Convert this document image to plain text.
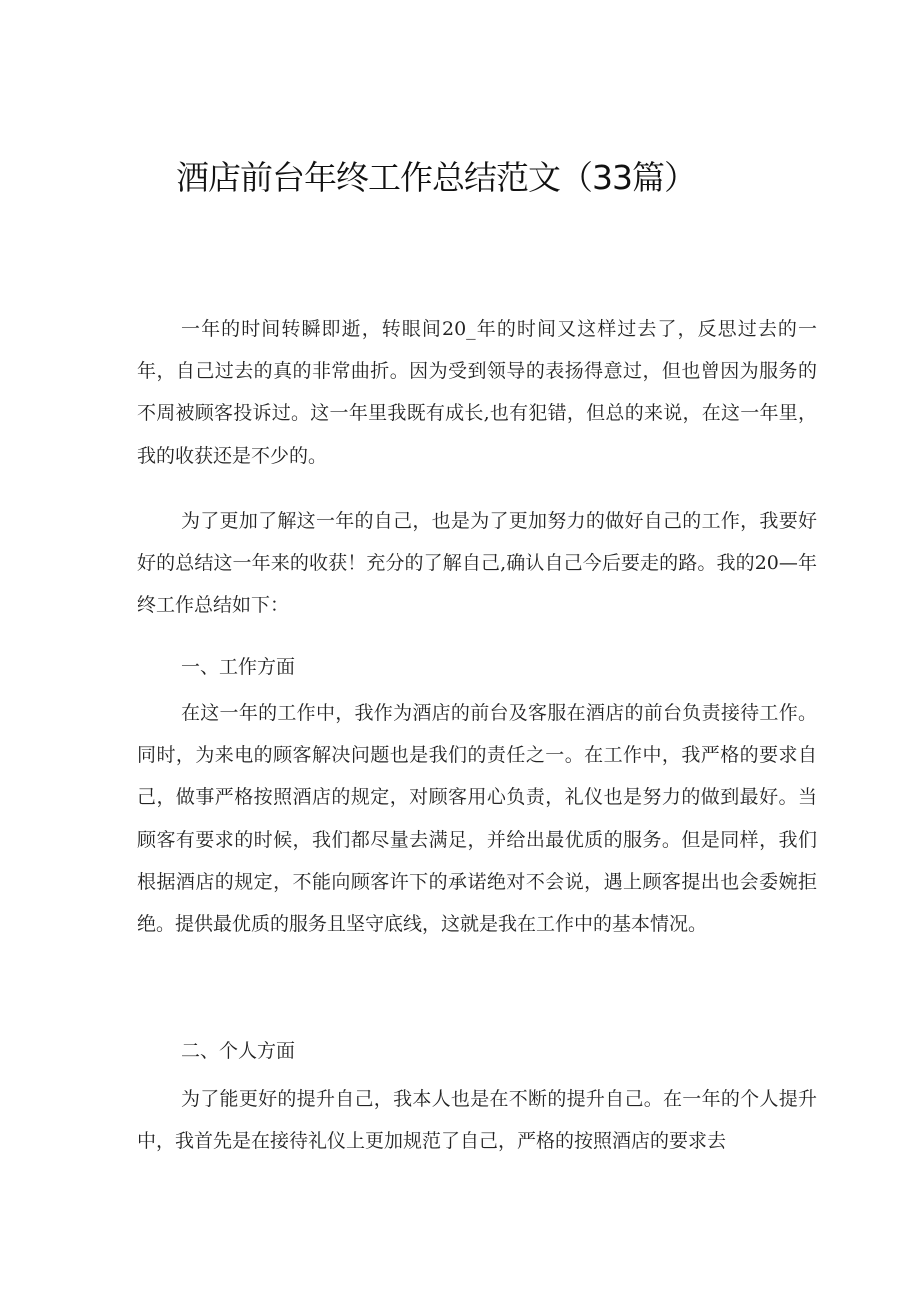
酒店前台年终工作总结范文（33篇）

一年的时间转瞬即逝，转眼间20_年的时间又这样过去了，反思过去的一年，自己过去的真的非常曲折。因为受到领导的表扬得意过，但也曾因为服务的不周被顾客投诉过。这一年里我既有成长,也有犯错，但总的来说，在这一年里，我的收获还是不少的。

为了更加了解这一年的自己，也是为了更加努力的做好自己的工作，我要好好的总结这一年来的收获！充分的了解自己,确认自己今后要走的路。我的20—年终工作总结如下：

一、工作方面

在这一年的工作中，我作为酒店的前台及客服在酒店的前台负责接待工作。同时，为来电的顾客解决问题也是我们的责任之一。在工作中，我严格的要求自己，做事严格按照酒店的规定，对顾客用心负责，礼仪也是努力的做到最好。当顾客有要求的时候，我们都尽量去满足，并给出最优质的服务。但是同样，我们根据酒店的规定，不能向顾客许下的承诺绝对不会说，遇上顾客提出也会委婉拒绝。提供最优质的服务且坚守底线，这就是我在工作中的基本情况。

二、个人方面

为了能更好的提升自己，我本人也是在不断的提升自己。在一年的个人提升中，我首先是在接待礼仪上更加规范了自己，严格的按照酒店的要求去
